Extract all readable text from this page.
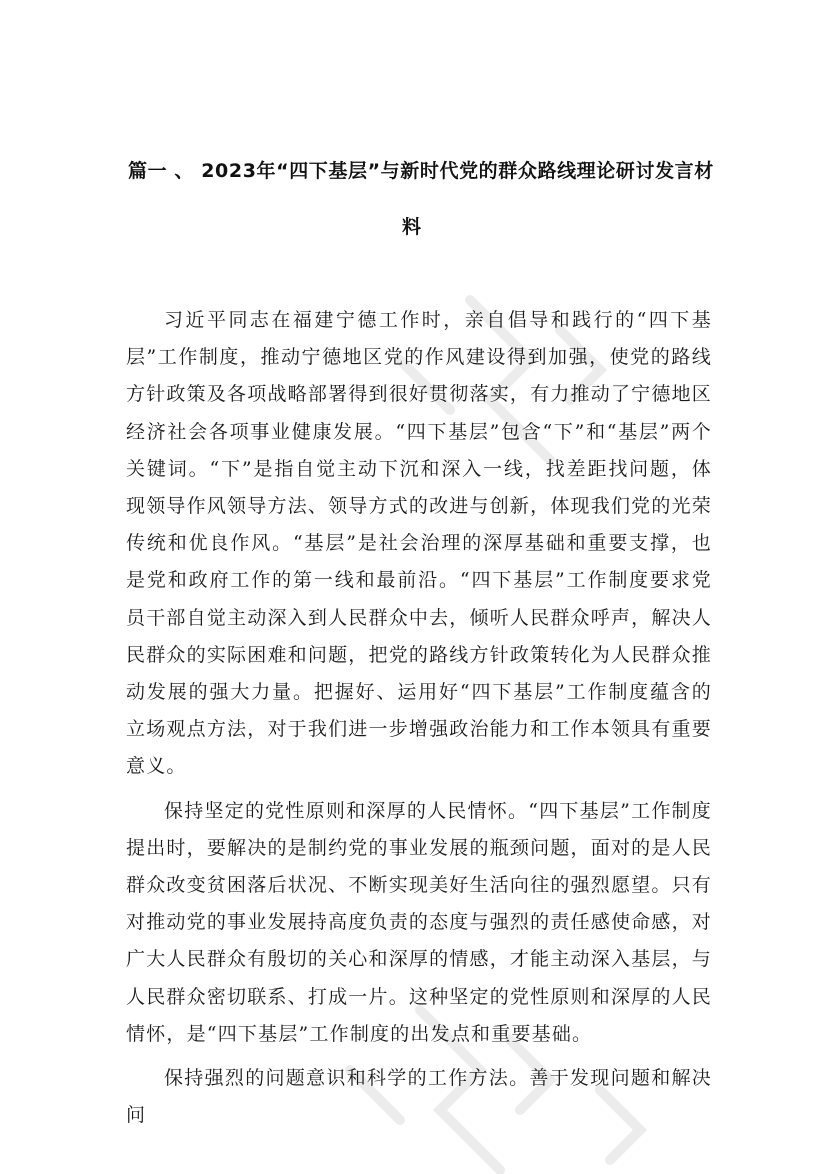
篇一 、 2023年“四下基层”与新时代党的群众路线理论研讨发言材
料

习近平同志在福建宁德工作时，亲自倡导和践行的“四下基层”工作制度，推动宁德地区党的作风建设得到加强，使党的路线方针政策及各项战略部署得到很好贯彻落实，有力推动了宁德地区经济社会各项事业健康发展。“四下基层”包含“下”和“基层”两个关键词。“下”是指自觉主动下沉和深入一线，找差距找问题，体现领导作风领导方法、领导方式的改进与创新，体现我们党的光荣传统和优良作风。“基层”是社会治理的深厚基础和重要支撑，也是党和政府工作的第一线和最前沿。“四下基层”工作制度要求党员干部自觉主动深入到人民群众中去，倾听人民群众呼声，解决人民群众的实际困难和问题，把党的路线方针政策转化为人民群众推动发展的强大力量。把握好、运用好“四下基层”工作制度蕴含的立场观点方法，对于我们进一步增强政治能力和工作本领具有重要意义。

保持坚定的党性原则和深厚的人民情怀。“四下基层”工作制度提出时，要解决的是制约党的事业发展的瓶颈问题，面对的是人民群众改变贫困落后状况、不断实现美好生活向往的强烈愿望。只有对推动党的事业发展持高度负责的态度与强烈的责任感使命感，对广大人民群众有殷切的关心和深厚的情感，才能主动深入基层，与人民群众密切联系、打成一片。这种坚定的党性原则和深厚的人民情怀，是“四下基层”工作制度的出发点和重要基础。

保持强烈的问题意识和科学的工作方法。善于发现问题和解决问
